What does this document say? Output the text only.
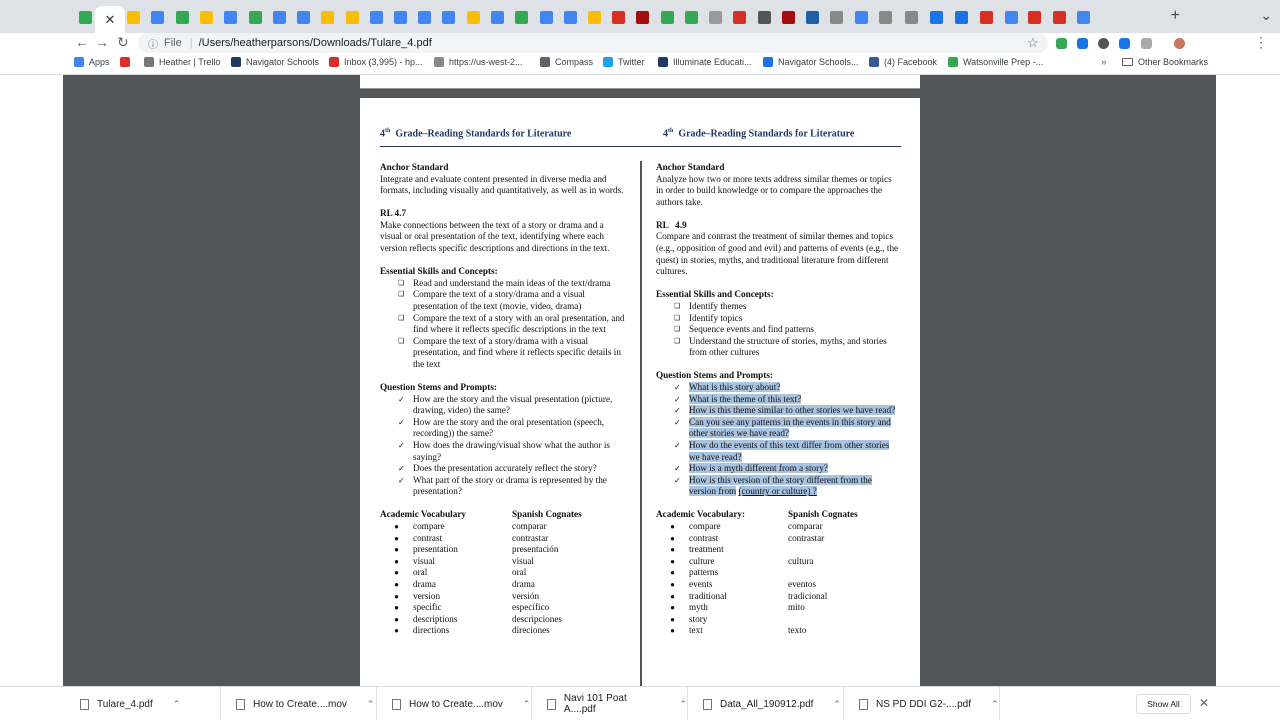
+	⌄
✕
← → ↻ ⓘ File | /Users/heatherparsons/Downloads/Tulare_4.pdf	☆	⋮
»	Other Bookmarks
Apps	Heather | Trello	Navigator Schools	Inbox (3,995) - hp...	https://us-west-2...	Compass	Twitter	Illuminate Educati...	Navigator Schools...	(4) Facebook	Watsonville Prep -...
4th Grade–Reading Standards for Literature	4th Grade–Reading Standards for Literature
Anchor Standard
Integrate and evaluate content presented in diverse media and formats, including visually and quantitatively, as well as in words.
RL 4.7
Make connections between the text of a story or drama and a visual or oral presentation of the text, identifying where each version reflects specific descriptions and directions in the text.
Essential Skills and Concepts:
❏ Read and understand the main ideas of the text/drama
❏ Compare the text of a story/drama and a visual presentation of the text (movie, video, drama)
❏ Compare the text of a story with an oral presentation, and find where it reflects specific descriptions in the text
❏ Compare the text of a story/drama with a visual presentation, and find where it reflects specific details in the text
Question Stems and Prompts:
✓ How are the story and the visual presentation (picture, drawing, video) the same?
✓ How are the story and the oral presentation (speech, recording)) the same?
✓ How does the drawing/visual show what the author is saying?
✓ Does the presentation accurately reflect the story?
✓ What part of the story or drama is represented by the presentation?
Academic Vocabulary	Spanish Cognates
●	compare	comparar
●	contrast	contrastar
●	presentation	presentación
●	visual	visual
●	oral	oral
●	drama	drama
●	version	versión
●	specific	específico
●	descriptions	descripciones
●	directions	direciones
Anchor Standard
Analyze how two or more texts address similar themes or topics in order to build knowledge or to compare the approaches the authors take.
RL   4.9
Compare and contrast the treatment of similar themes and topics (e.g., opposition of good and evil) and patterns of events (e.g., the quest) in stories, myths, and traditional literature from different cultures.
Essential Skills and Concepts:
❏ Identify themes
❏ Identify topics
❏ Sequence events and find patterns
❏ Understand the structure of stories, myths, and stories from other cultures
Question Stems and Prompts:
✓ What is this story about?
✓ What is the theme of this text?
✓ How is this theme similar to other stories we have read?
✓ Can you see any patterns in the events in this story and other stories we have read?
✓ How do the events of this text differ from other stories we have read?
✓ How is a myth different from a story?
✓ How is this version of the story different from the version from (country or culture) ?
Academic Vocabulary:	Spanish Cognates
●	compare	comparar
●	contrast	contrastar
●	treatment
●	culture	cultura
●	patterns
●	events	eventos
●	traditional	tradicional
●	myth	mito
●	story
●	text	texto
Show All	✕
Tulare_4.pdf ⌃	How to Create....mov ⌃	How to Create....mov ⌃	Navi 101 Poat A....pdf
⌃	Data_All_190912.pdf ⌃	NS PD DDI G2-....pdf ⌃
